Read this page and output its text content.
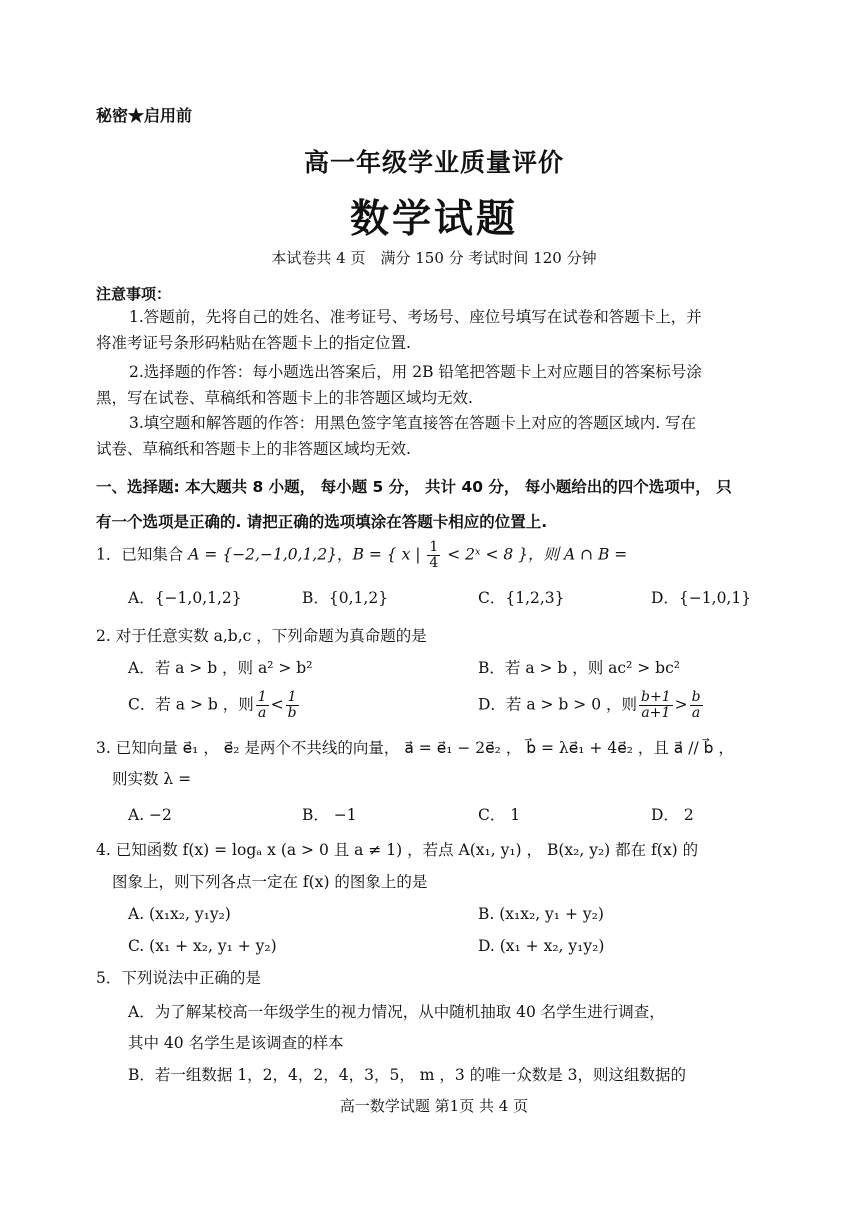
秘密★启用前
高一年级学业质量评价
数学试题
本试卷共 4 页　满分 150 分 考试时间 120 分钟
注意事项：
1.答题前，先将自己的姓名、准考证号、考场号、座位号填写在试卷和答题卡上，并
将准考证号条形码粘贴在答题卡上的指定位置.
2.选择题的作答：每小题选出答案后，用 2B 铅笔把答题卡上对应题目的答案标号涂
黑，写在试卷、草稿纸和答题卡上的非答题区域均无效.
3.填空题和解答题的作答：用黑色签字笔直接答在答题卡上对应的答题区域内. 写在
试卷、草稿纸和答题卡上的非答题区域均无效.
一、选择题: 本大题共 8 小题， 每小题 5 分， 共计 40 分， 每小题给出的四个选项中， 只
有一个选项是正确的. 请把正确的选项填涂在答题卡相应的位置上.
1．已知集合 A = {−2,−1,0,1,2}，B = { x | $\frac{1}{4}$ < 2ˣ < 8 }，则 A ∩ B =
A．{−1,0,1,2}	B．{0,1,2}	C．{1,2,3}	D．{−1,0,1}
2. 对于任意实数 a,b,c ，下列命题为真命题的是
A．若 a > b ，则 a² > b²	B．若 a > b ，则 ac² > bc²
C．若 a > b ，则 $\frac{1}{a} < \frac{1}{b}$	D．若 a > b > 0 ，则 $\frac{b+1}{a+1} > \frac{b}{a}$
3. 已知向量 e⃗₁ ， e⃗₂ 是两个不共线的向量， a⃗ = e⃗₁ − 2e⃗₂ ， b⃗ = λe⃗₁ + 4e⃗₂ ，且 a⃗ // b⃗ ，
则实数 λ =
A. −2	B． −1	C． 1	D． 2
4. 已知函数 f(x) = logₐ x (a > 0 且 a ≠ 1) ，若点 A(x₁, y₁) ， B(x₂, y₂) 都在 f(x) 的
图象上，则下列各点一定在 f(x) 的图象上的是
A. (x₁x₂, y₁y₂)	B. (x₁x₂, y₁ + y₂)
C. (x₁ + x₂, y₁ + y₂)	D. (x₁ + x₂, y₁y₂)
5．下列说法中正确的是
A．为了解某校高一年级学生的视力情况，从中随机抽取 40 名学生进行调查，
其中 40 名学生是该调查的样本
B．若一组数据 1，2，4，2，4，3，5， m ，3 的唯一众数是 3，则这组数据的
高一数学试题 第1页 共 4 页
